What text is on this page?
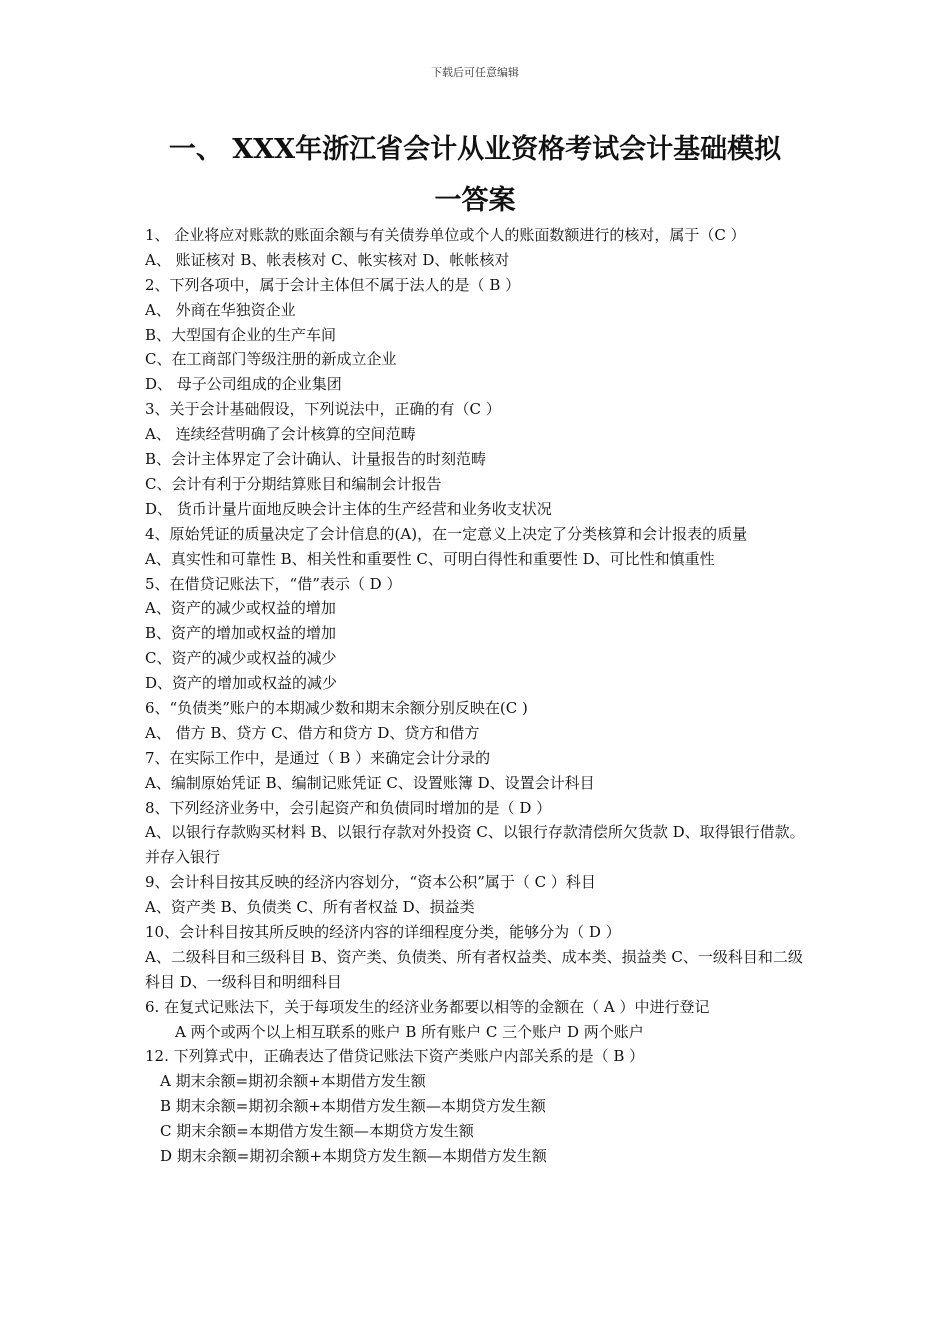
下载后可任意编辑
一、 XXX年浙江省会计从业资格考试会计基础模拟
一答案
1、 企业将应对账款的账面余额与有关债券单位或个人的账面数额进行的核对，属于（C ）
A、 账证核对 B、帐表核对 C、帐实核对 D、帐帐核对
2、下列各项中，属于会计主体但不属于法人的是（ B ）
A、 外商在华独资企业
B、大型国有企业的生产车间
C、在工商部门等级注册的新成立企业
D、 母子公司组成的企业集团
3、关于会计基础假设，下列说法中，正确的有（C ）
A、 连续经营明确了会计核算的空间范畴
B、会计主体界定了会计确认、计量报告的时刻范畴
C、会计有利于分期结算账目和编制会计报告
D、 货币计量片面地反映会计主体的生产经营和业务收支状况
4、原始凭证的质量决定了会计信息的(A)，在一定意义上决定了分类核算和会计报表的质量
A、真实性和可靠性 B、相关性和重要性 C、可明白得性和重要性 D、可比性和慎重性
5、在借贷记账法下，“借”表示（ D ）
A、资产的减少或权益的增加
B、资产的增加或权益的增加
C、资产的减少或权益的减少
D、资产的增加或权益的减少
6、“负债类”账户的本期减少数和期末余额分别反映在(C )
A、 借方 B、贷方 C、借方和贷方 D、贷方和借方
7、在实际工作中，是通过（ B ）来确定会计分录的
A、编制原始凭证 B、编制记账凭证 C、设置账簿 D、设置会计科目
8、下列经济业务中，会引起资产和负债同时增加的是（ D ）
A、以银行存款购买材料 B、以银行存款对外投资 C、以银行存款清偿所欠货款 D、取得银行借款。并存入银行
9、会计科目按其反映的经济内容划分，“资本公积”属于（ C ）科目
A、资产类 B、负债类 C、所有者权益 D、损益类
10、会计科目按其所反映的经济内容的详细程度分类，能够分为（ D ）
A、二级科目和三级科目 B、资产类、负债类、所有者权益类、成本类、损益类 C、一级科目和二级科目 D、一级科目和明细科目
6. 在复式记账法下，关于每项发生的经济业务都要以相等的金额在（ A ）中进行登记
A 两个或两个以上相互联系的账户 B 所有账户 C 三个账户 D 两个账户
12. 下列算式中，正确表达了借贷记账法下资产类账户内部关系的是（ B ）
A 期末余额=期初余额+本期借方发生额
B 期末余额=期初余额+本期借方发生额—本期贷方发生额
C 期末余额=本期借方发生额—本期贷方发生额
D 期末余额=期初余额+本期贷方发生额—本期借方发生额
